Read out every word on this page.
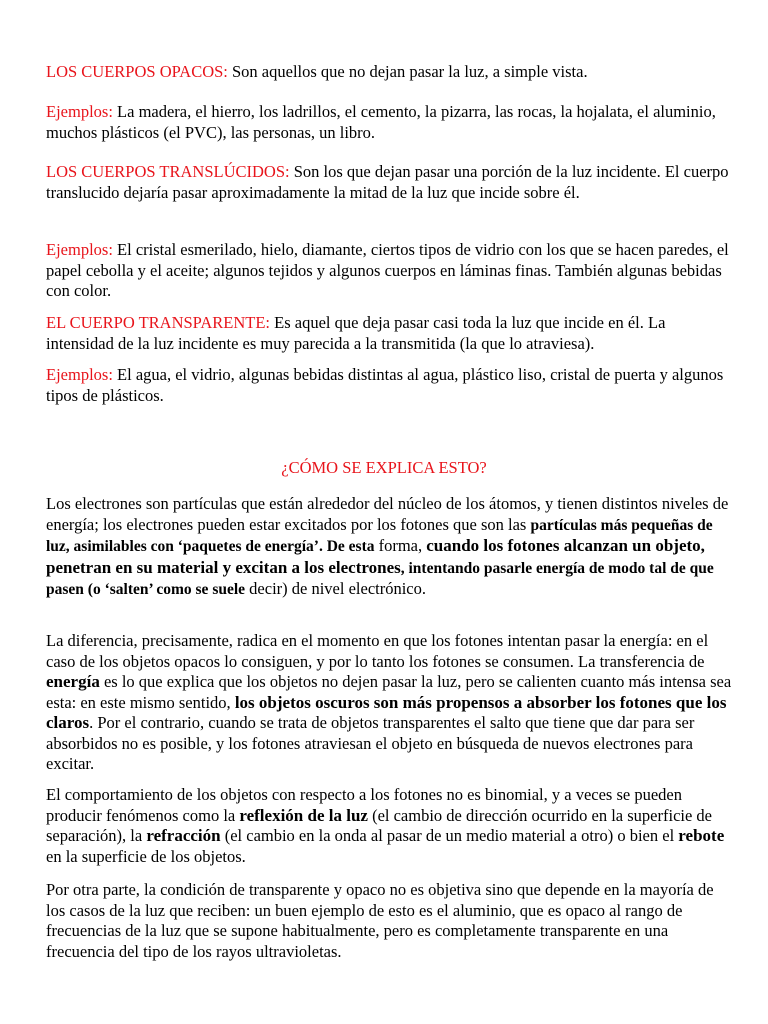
LOS CUERPOS OPACOS: Son aquellos que no dejan pasar la luz, a simple vista.

Ejemplos: La madera, el hierro, los ladrillos, el cemento, la pizarra, las rocas, la hojalata, el aluminio, muchos plásticos (el PVC), las personas, un libro.

LOS CUERPOS TRANSLÚCIDOS: Son los que dejan pasar una porción de la luz incidente. El cuerpo translucido dejaría pasar aproximadamente la mitad de la luz que incide sobre él.

Ejemplos: El cristal esmerilado, hielo, diamante, ciertos tipos de vidrio con los que se hacen paredes, el papel cebolla y el aceite; algunos tejidos y algunos cuerpos en láminas finas. También algunas bebidas con color.

EL CUERPO TRANSPARENTE: Es aquel que deja pasar casi toda la luz que incide en él. La intensidad de la luz incidente es muy parecida a la transmitida (la que lo atraviesa).

Ejemplos: El agua, el vidrio, algunas bebidas distintas al agua, plástico liso, cristal de puerta y algunos tipos de plásticos.

¿CÓMO SE EXPLICA ESTO?

Los electrones son partículas que están alrededor del núcleo de los átomos, y tienen distintos niveles de energía; los electrones pueden estar excitados por los fotones que son las partículas más pequeñas de luz, asimilables con ‘paquetes de energía’. De esta forma, cuando los fotones alcanzan un objeto, penetran en su material y excitan a los electrones, intentando pasarle energía de modo tal de que pasen (o ‘salten’ como se suele decir) de nivel electrónico.

La diferencia, precisamente, radica en el momento en que los fotones intentan pasar la energía: en el caso de los objetos opacos lo consiguen, y por lo tanto los fotones se consumen. La transferencia de energía es lo que explica que los objetos no dejen pasar la luz, pero se calienten cuanto más intensa sea esta: en este mismo sentido, los objetos oscuros son más propensos a absorber los fotones que los claros. Por el contrario, cuando se trata de objetos transparentes el salto que tiene que dar para ser absorbidos no es posible, y los fotones atraviesan el objeto en búsqueda de nuevos electrones para excitar.

El comportamiento de los objetos con respecto a los fotones no es binomial, y a veces se pueden producir fenómenos como la reflexión de la luz (el cambio de dirección ocurrido en la superficie de separación), la refracción (el cambio en la onda al pasar de un medio material a otro) o bien el rebote en la superficie de los objetos.

Por otra parte, la condición de transparente y opaco no es objetiva sino que depende en la mayoría de los casos de la luz que reciben: un buen ejemplo de esto es el aluminio, que es opaco al rango de frecuencias de la luz que se supone habitualmente, pero es completamente transparente en una frecuencia del tipo de los rayos ultravioletas.
